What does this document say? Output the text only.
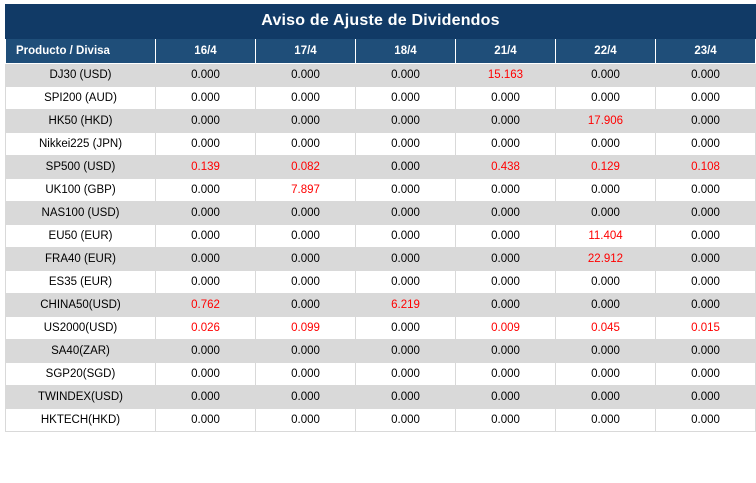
Aviso de Ajuste de Dividendos						
Producto / Divisa	16/4	17/4	18/4	21/4	22/4	23/4
DJ30 (USD)	0.000	0.000	0.000	15.163	0.000	0.000
SPI200 (AUD)	0.000	0.000	0.000	0.000	0.000	0.000
HK50 (HKD)	0.000	0.000	0.000	0.000	17.906	0.000
Nikkei225 (JPN)	0.000	0.000	0.000	0.000	0.000	0.000
SP500 (USD)	0.139	0.082	0.000	0.438	0.129	0.108
UK100 (GBP)	0.000	7.897	0.000	0.000	0.000	0.000
NAS100 (USD)	0.000	0.000	0.000	0.000	0.000	0.000
EU50 (EUR)	0.000	0.000	0.000	0.000	11.404	0.000
FRA40 (EUR)	0.000	0.000	0.000	0.000	22.912	0.000
ES35 (EUR)	0.000	0.000	0.000	0.000	0.000	0.000
CHINA50(USD)	0.762	0.000	6.219	0.000	0.000	0.000
US2000(USD)	0.026	0.099	0.000	0.009	0.045	0.015
SA40(ZAR)	0.000	0.000	0.000	0.000	0.000	0.000
SGP20(SGD)	0.000	0.000	0.000	0.000	0.000	0.000
TWINDEX(USD)	0.000	0.000	0.000	0.000	0.000	0.000
HKTECH(HKD)	0.000	0.000	0.000	0.000	0.000	0.000
